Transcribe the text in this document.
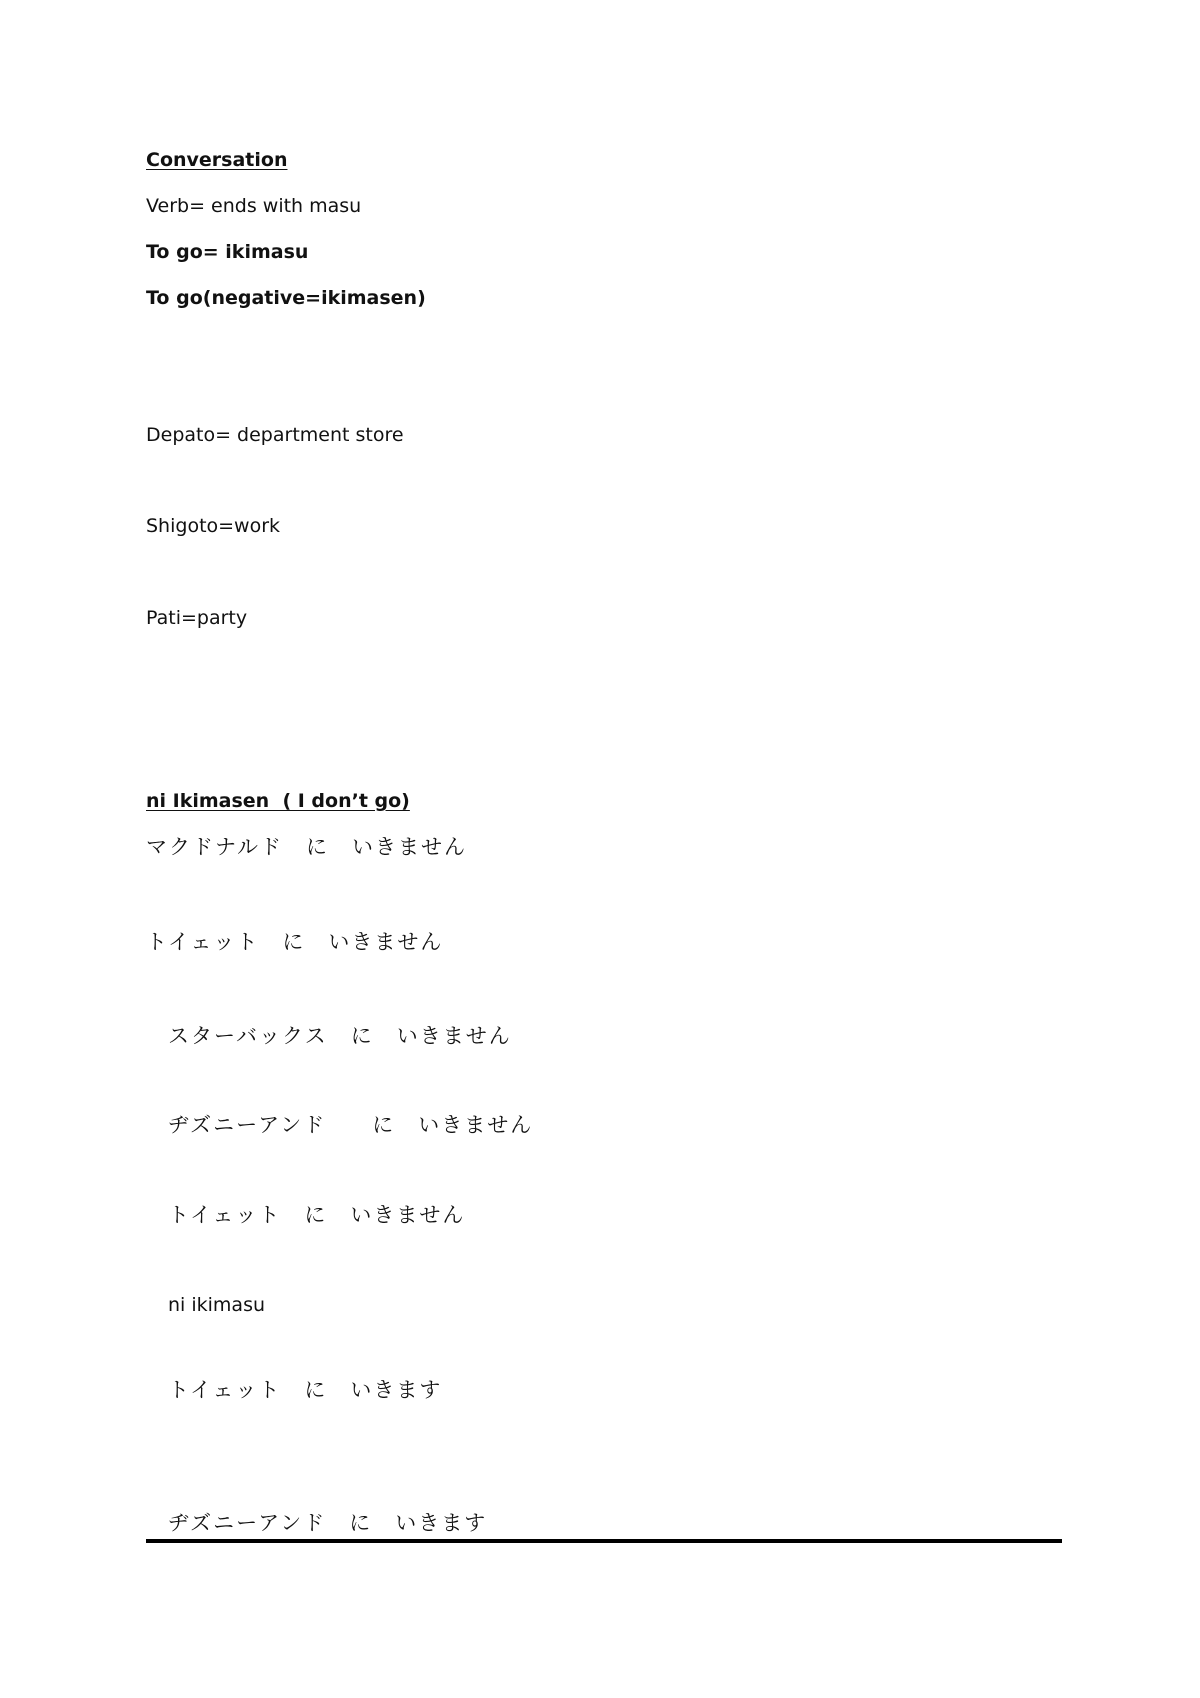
Conversation
Verb= ends with masu
To go= ikimasu
To go(negative=ikimasen)
Depato= department store
Shigoto=work
Pati=party
ni Ikimasen  ( I don’t go)
マクドナルド　に　いきません
トイェット　に　いきません
スターバックス　に　いきません
ヂズニーアンド　　に　いきません
トイェット　に　いきません
ni ikimasu
トイェット　に　いきます
ヂズニーアンド　に　いきます
